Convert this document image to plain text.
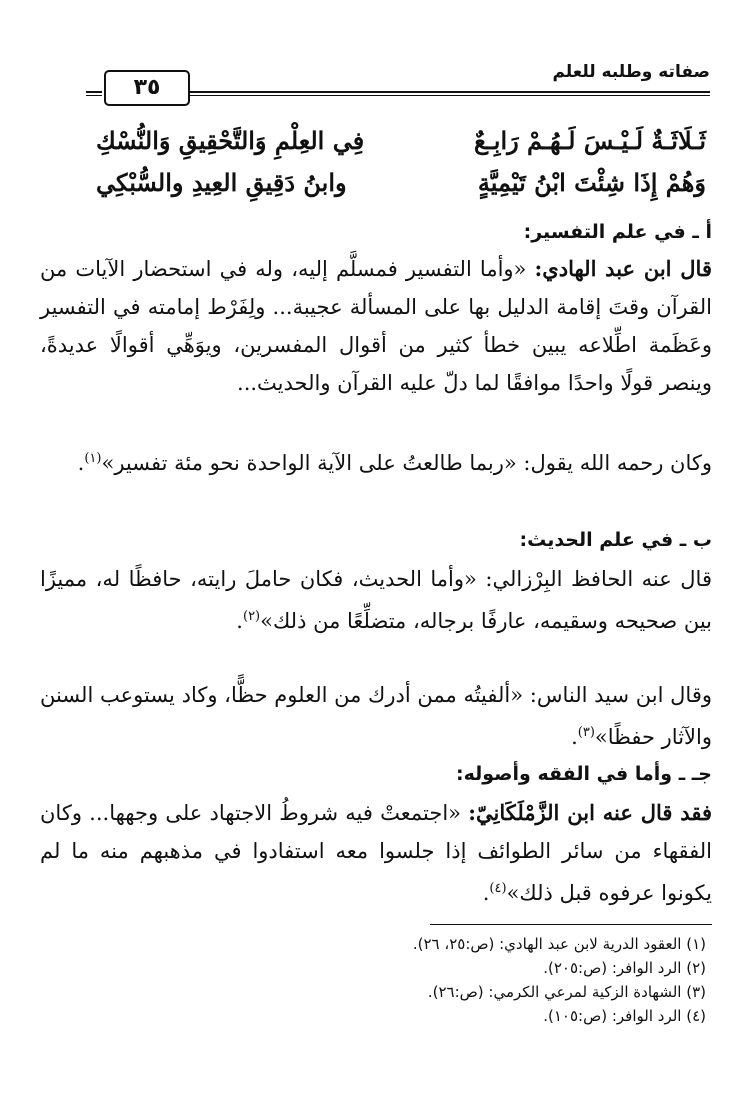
صفاته وطلبه للعلم
٣٥
ثَـلَاثَـةٌ لَـيْـسَ لَـهُـمْ رَابِـعٌ
فِي العِلْمِ وَالتَّحْقِيقِ وَالنُّسْكِ
وَهُمْ إِذَا شِئْتَ ابْنُ تَيْمِيَّةٍ
وابنُ دَقِيقِ العِيدِ والسُّبْكِي
أ ـ في علم التفسير:
قال ابن عبد الهادي: «وأما التفسير فمسلَّم إليه، وله في استحضار الآيات من القرآن وقتَ إقامة الدليل بها على المسألة عجيبة... ولِفَرْط إمامته في التفسير وعَظَمة اطِّلاعه يبين خطأ كثير من أقوال المفسرين، ويوَهِّي أقوالًا عديدةً، وينصر قولًا واحدًا موافقًا لما دلّ عليه القرآن والحديث...
وكان رحمه الله يقول: «ربما طالعتُ على الآية الواحدة نحو مئة تفسير»$^{(١)}$.
ب ـ في علم الحديث:
قال عنه الحافظ البِرْزالي: «وأما الحديث، فكان حاملَ رايته، حافظًا له، مميزًا بين صحيحه وسقيمه، عارفًا برجاله، متضلِّعًا من ذلك»$^{(٢)}$.
وقال ابن سيد الناس: «ألفيتُه ممن أدرك من العلوم حظًّا، وكاد يستوعب السنن والآثار حفظًا»$^{(٣)}$.
جـ ـ وأما في الفقه وأصوله:
فقد قال عنه ابن الزَّمْلَكَانِيّ: «اجتمعتْ فيه شروطُ الاجتهاد على وجهها... وكان الفقهاء من سائر الطوائف إذا جلسوا معه استفادوا في مذهبهم منه ما لم يكونوا عرفوه قبل ذلك»$^{(٤)}$.
(١) العقود الدرية لابن عبد الهادي: (ص:٢٥، ٢٦).
(٢) الرد الوافر: (ص:٢٠٥).
(٣) الشهادة الزكية لمرعي الكرمي: (ص:٢٦).
(٤) الرد الوافر: (ص:١٠٥).
